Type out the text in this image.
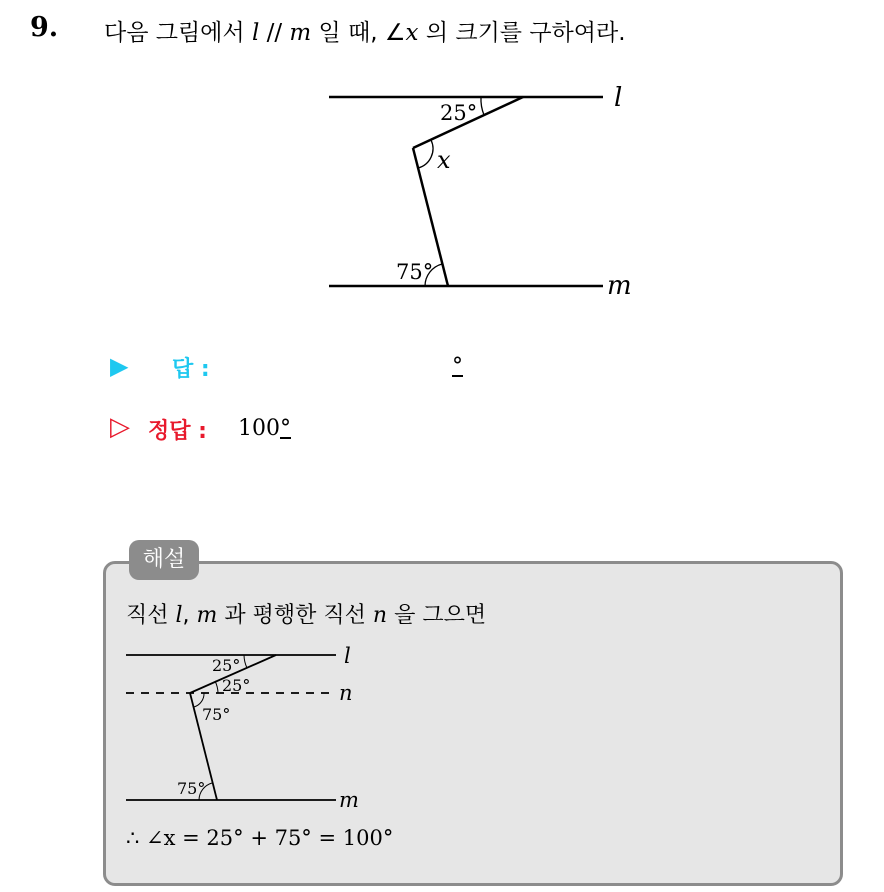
9. 다음 그림에서 l // m 일 때, ∠x 의 크기를 구하여라.
l
m
25°
x
75°
▶ 답 :	°
▷ 정답 : 100°
해설
직선 l, m 과 평행한 직선 n 을 그으면
l
n
m
25°
25°
75°
75°
∴ ∠x = 25° + 75° = 100°
